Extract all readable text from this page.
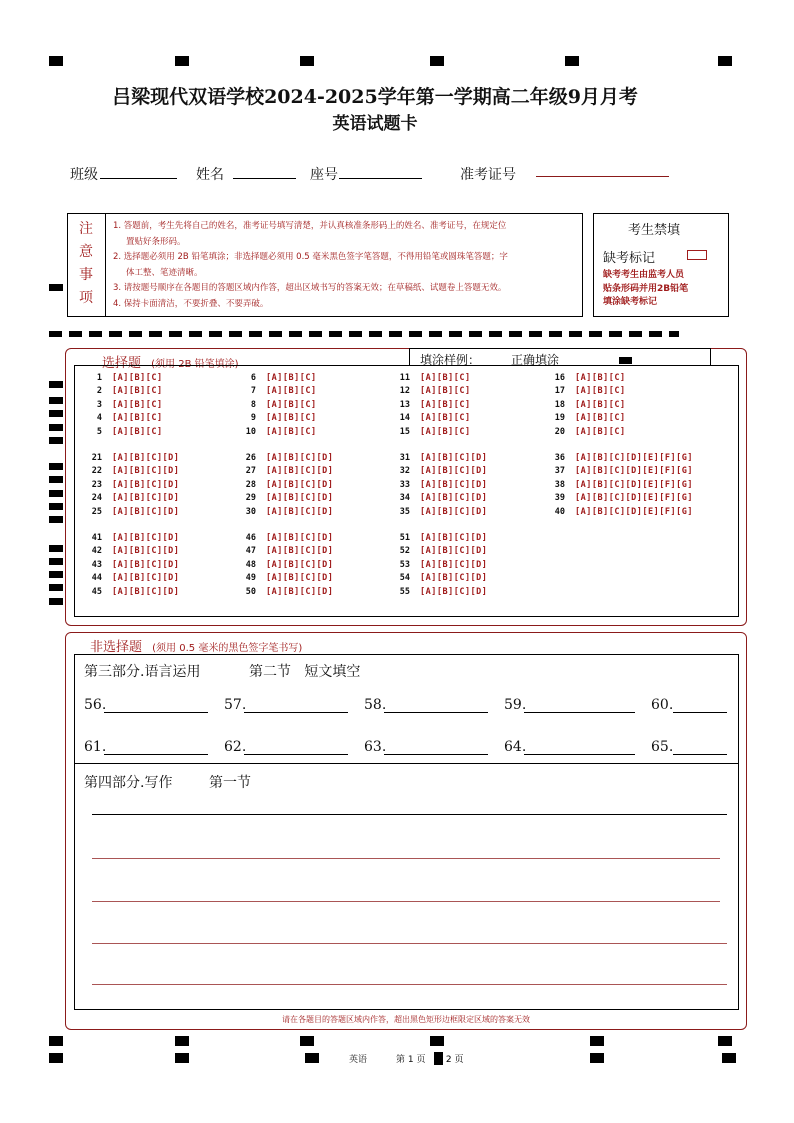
吕梁现代双语学校2024-2025学年第一学期高二年级9月月考
英语试题卡
班级	姓名	座号	准考证号
注
意
事
项
1. 答题前，考生先将自己的姓名，准考证号填写清楚，并认真核准条形码上的姓名、准考证号，在规定位
置贴好条形码。
2. 选择题必须用 2B 铅笔填涂；非选择题必须用 0.5 毫米黑色签字笔答题，不得用铅笔或圆珠笔答题；字
体工整、笔迹清晰。
3. 请按题号顺序在各题目的答题区域内作答，超出区域书写的答案无效；在草稿纸、试题卷上答题无效。
4. 保持卡面清洁，不要折叠、不要弄破。
考生禁填
缺考标记
缺考考生由监考人员
贴条形码并用2B铅笔
填涂缺考标记
选择题 (须用 2B 铅笔填涂)	填涂样例：	正确填涂
1 [A][B][C]
2 [A][B][C]
3 [A][B][C]
4 [A][B][C]
5 [A][B][C]
6 [A][B][C]
7 [A][B][C]
8 [A][B][C]
9 [A][B][C]
10 [A][B][C]
11 [A][B][C]
12 [A][B][C]
13 [A][B][C]
14 [A][B][C]
15 [A][B][C]
16 [A][B][C]
17 [A][B][C]
18 [A][B][C]
19 [A][B][C]
20 [A][B][C]
21 [A][B][C][D]
22 [A][B][C][D]
23 [A][B][C][D]
24 [A][B][C][D]
25 [A][B][C][D]
26 [A][B][C][D]
27 [A][B][C][D]
28 [A][B][C][D]
29 [A][B][C][D]
30 [A][B][C][D]
31 [A][B][C][D]
32 [A][B][C][D]
33 [A][B][C][D]
34 [A][B][C][D]
35 [A][B][C][D]
36 [A][B][C][D][E][F][G]
37 [A][B][C][D][E][F][G]
38 [A][B][C][D][E][F][G]
39 [A][B][C][D][E][F][G]
40 [A][B][C][D][E][F][G]
41 [A][B][C][D]
42 [A][B][C][D]
43 [A][B][C][D]
44 [A][B][C][D]
45 [A][B][C][D]
46 [A][B][C][D]
47 [A][B][C][D]
48 [A][B][C][D]
49 [A][B][C][D]
50 [A][B][C][D]
51 [A][B][C][D]
52 [A][B][C][D]
53 [A][B][C][D]
54 [A][B][C][D]
55 [A][B][C][D]
非选择题 (须用 0.5 毫米的黑色签字笔书写)
第三部分.语言运用	第二节   短文填空
56.	57.	58.	59.	60.
61.	62.	63.	64.	65.
第四部分.写作	第一节
请在各题目的答题区域内作答，超出黑色矩形边框限定区域的答案无效
英语	第 1 页 共 2 页
